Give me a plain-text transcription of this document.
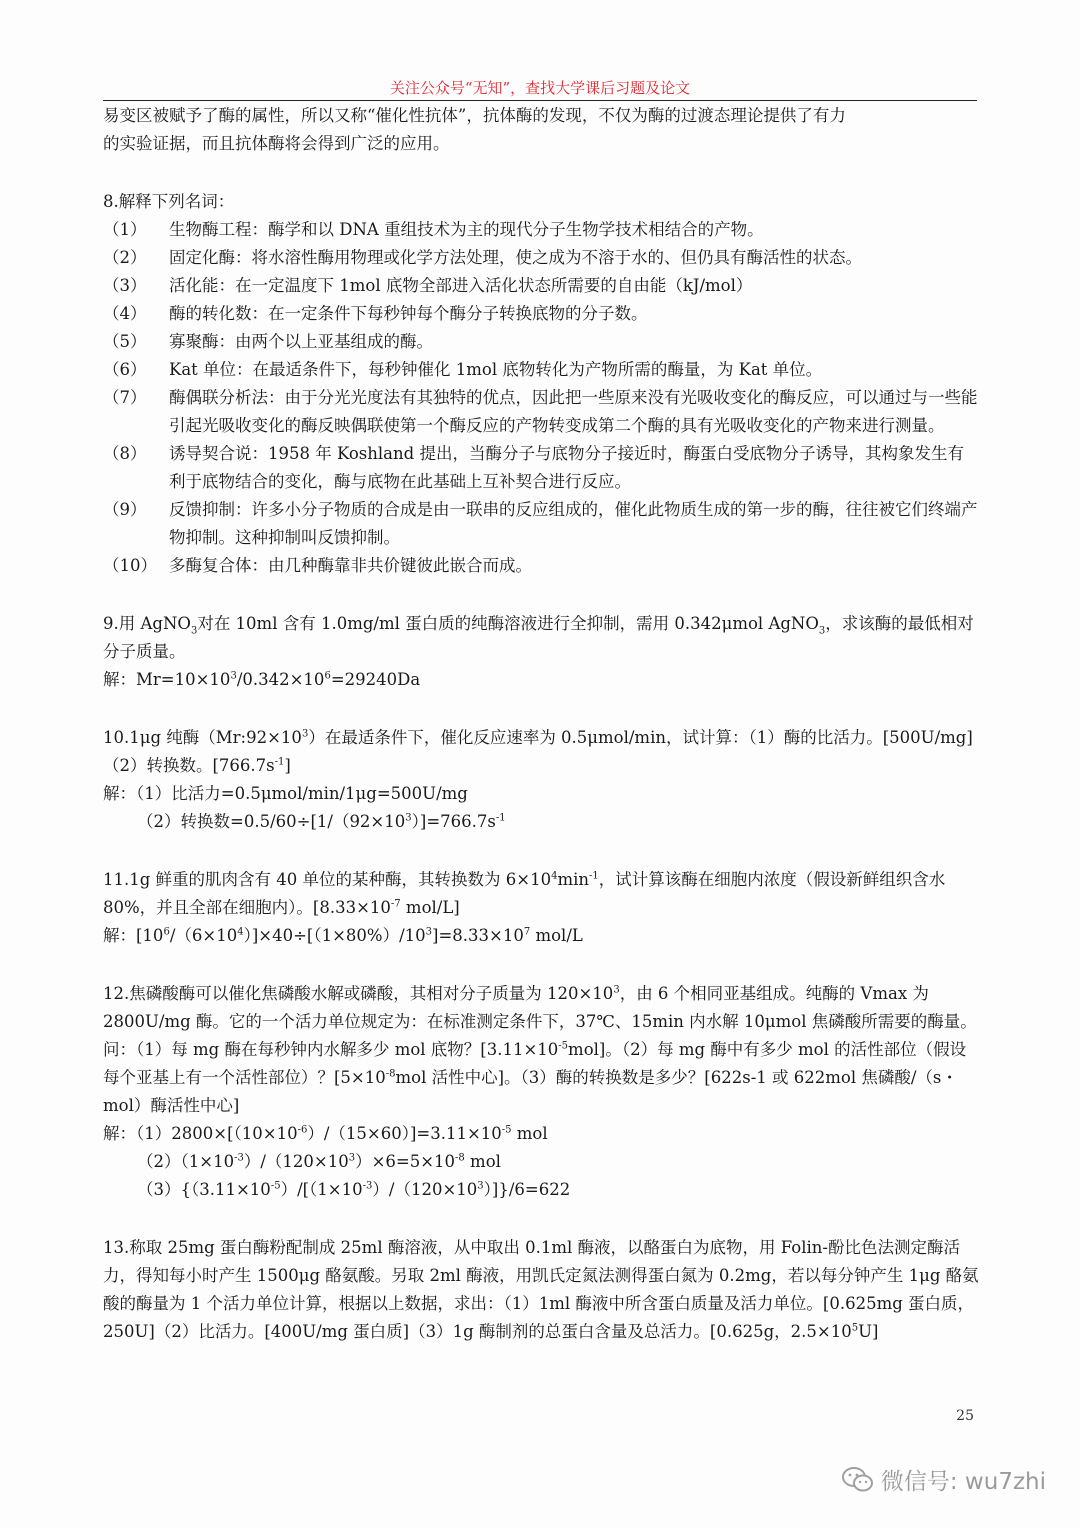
关注公众号“无知”，查找大学课后习题及论文

易变区被赋予了酶的属性，所以又称“催化性抗体”，抗体酶的发现，不仅为酶的过渡态理论提供了有力

的实验证据，而且抗体酶将会得到广泛的应用。

8.解释下列名词：

（1）	生物酶工程：酶学和以 DNA 重组技术为主的现代分子生物学技术相结合的产物。
（2）	固定化酶：将水溶性酶用物理或化学方法处理，使之成为不溶于水的、但仍具有酶活性的状态。
（3）	活化能：在一定温度下 1mol 底物全部进入活化状态所需要的自由能（kJ/mol）
（4）	酶的转化数：在一定条件下每秒钟每个酶分子转换底物的分子数。
（5）	寡聚酶：由两个以上亚基组成的酶。
（6）	Kat 单位：在最适条件下，每秒钟催化 1mol 底物转化为产物所需的酶量，为 Kat 单位。
（7）	酶偶联分析法：由于分光光度法有其独特的优点，因此把一些原来没有光吸收变化的酶反应，可以通过与一些能引起光吸收变化的酶反映偶联使第一个酶反应的产物转变成第二个酶的具有光吸收变化的产物来进行测量。
（8）	诱导契合说：1958 年 Koshland 提出，当酶分子与底物分子接近时，酶蛋白受底物分子诱导，其构象发生有利于底物结合的变化，酶与底物在此基础上互补契合进行反应。
（9）	反馈抑制：许多小分子物质的合成是由一联串的反应组成的，催化此物质生成的第一步的酶，往往被它们终端产物抑制。这种抑制叫反馈抑制。
（10） 多酶复合体：由几种酶靠非共价键彼此嵌合而成。

9.用 AgNO$_3$对在 10ml 含有 1.0mg/ml 蛋白质的纯酶溶液进行全抑制，需用 0.342μmol AgNO$_3$，求该酶的最低相对分子质量。

解：$Mr=10\times 10^3/0.342\times 10^6=29240Da$

10.1μg 纯酶$(Mr:92\times 10^3)$在最适条件下，催化反应速率为 0.5μmol/min，试计算：（1）酶的比活力。[500U/mg]（2）转换数。$[766.7s^{-1}]$

解：（1）比活力=0.5μmol/min/1μg=500U/mg

（2）转换数$=0.5/60\div[1/(92\times 10^3)]=766.7s^{-1}$

11.1g 鲜重的肌肉含有 40 单位的某种酶，其转换数为 $6\times 10^4\min^{-1}$，试计算该酶在细胞内浓度（假设新鲜组织含水 80%，并且全部在细胞内）。[$8.33\times 10^{-7}$ mol/L]

解：$[10^6/(6\times 10^4)]\times 40\div[(1\times 80\%)/10^3]=8.33\times 10^7$ mol/L

12.焦磷酸酶可以催化焦磷酸水解或磷酸，其相对分子质量为 $120\times 10^3$，由 6 个相同亚基组成。纯酶的 Vmax 为 2800U/mg 酶。它的一个活力单位规定为：在标准测定条件下，37℃、15min 内水解 10μmol 焦磷酸所需要的酶量。问：（1）每 mg 酶在每秒钟内水解多少 mol 底物？$[3.11\times 10^{-5}mol]$。（2）每 mg 酶中有多少 mol 的活性部位（假设每个亚基上有一个活性部位）？[$5\times 10^{-8}mol$ 活性中心]。（3）酶的转换数是多少？[622s-1 或 622mol 焦磷酸/（s・mol）酶活性中心]

解：$(1)2800\times[(10\times 10^{-6})/(15\times 60)]=3.11\times 10^{-5}$ mol

$(2)(1\times 10^{-3})/(120\times 10^3)\times 6=5\times 10^{-8}$ mol

$(3)\{(3.11\times 10^{-5})/[(1\times 10^{-3})/(120\times 10^3)]\}/6=622$

13.称取 25mg 蛋白酶粉配制成 25ml 酶溶液，从中取出 0.1ml 酶液，以酪蛋白为底物，用 Folin-酚比色法测定酶活力，得知每小时产生 1500μg 酪氨酸。另取 2ml 酶液，用凯氏定氮法测得蛋白氮为 0.2mg，若以每分钟产生 1μg 酪氨酸的酶量为 1 个活力单位计算，根据以上数据，求出：（1）1ml 酶液中所含蛋白质量及活力单位。[0.625mg 蛋白质，250U]（2）比活力。[400U/mg 蛋白质]（3）1g 酶制剂的总蛋白含量及总活力。[0.625g，$2.5\times 10^5U$]

25
微信号: wu7zhi
